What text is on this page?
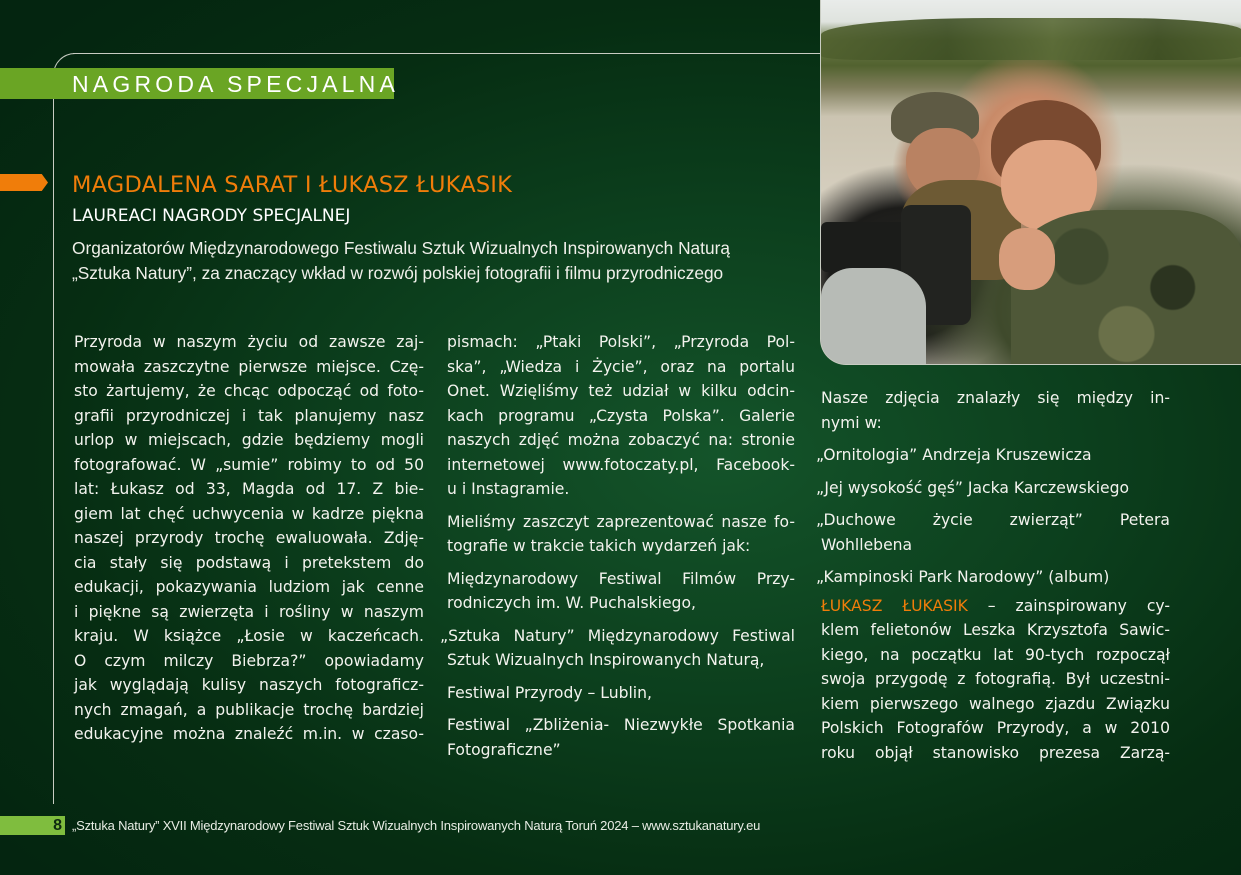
NAGRODA SPECJALNA
MAGDALENA SARAT I ŁUKASZ ŁUKASIK
LAUREACI NAGRODY SPECJALNEJ
Organizatorów Międzynarodowego Festiwalu Sztuk Wizualnych Inspirowanych Naturą
„Sztuka Natury”, za znaczący wkład w rozwój polskiej fotografii i filmu przyrodniczego
Przyroda w naszym życiu od zawsze zaj-
mowała zaszczytne pierwsze miejsce. Czę-
sto żartujemy, że chcąc odpocząć od foto-
grafii przyrodniczej i tak planujemy nasz
urlop w miejscach, gdzie będziemy mogli
fotografować. W „sumie” robimy to od 50
lat: Łukasz od 33, Magda od 17. Z bie-
giem lat chęć uchwycenia w kadrze piękna
naszej przyrody trochę ewaluowała. Zdję-
cia stały się podstawą i pretekstem do
edukacji, pokazywania ludziom jak cenne
i piękne są zwierzęta i rośliny w naszym
kraju. W książce „Łosie w kaczeńcach.
O czym milczy Biebrza?” opowiadamy
jak wyglądają kulisy naszych fotograficz-
nych zmagań, a publikacje trochę bardziej
edukacyjne można znaleźć m.in. w czaso-
pismach: „Ptaki Polski”, „Przyroda Pol-
ska”, „Wiedza i Życie”, oraz na portalu
Onet. Wzięliśmy też udział w kilku odcin-
kach programu „Czysta Polska”. Galerie
naszych zdjęć można zobaczyć na: stronie
internetowej www.fotoczaty.pl, Facebook-
u i Instagramie.
Mieliśmy zaszczyt zaprezentować nasze fo-
tografie w trakcie takich wydarzeń jak:
Międzynarodowy Festiwal Filmów Przy-
rodniczych im. W. Puchalskiego,
„Sztuka Natury” Międzynarodowy Festiwal
Sztuk Wizualnych Inspirowanych Naturą,
Festiwal Przyrody – Lublin,
Festiwal „Zbliżenia- Niezwykłe Spotkania
Fotograficzne”
Nasze zdjęcia znalazły się między in-
nymi w:
„Ornitologia” Andrzeja Kruszewicza
„Jej wysokość gęś” Jacka Karczewskiego
„Duchowe życie zwierząt” Petera
Wohllebena
„Kampinoski Park Narodowy” (album)
ŁUKASZ ŁUKASIK – zainspirowany cy-
klem felietonów Leszka Krzysztofa Sawic-
kiego, na początku lat 90-tych rozpoczął
swoja przygodę z fotografią. Był uczestni-
kiem pierwszego walnego zjazdu Związku
Polskich Fotografów Przyrody, a w 2010
roku objął stanowisko prezesa Zarzą-
8 „Sztuka Natury” XVII Międzynarodowy Festiwal Sztuk Wizualnych Inspirowanych Naturą Toruń 2024 – www.sztukanatury.eu
